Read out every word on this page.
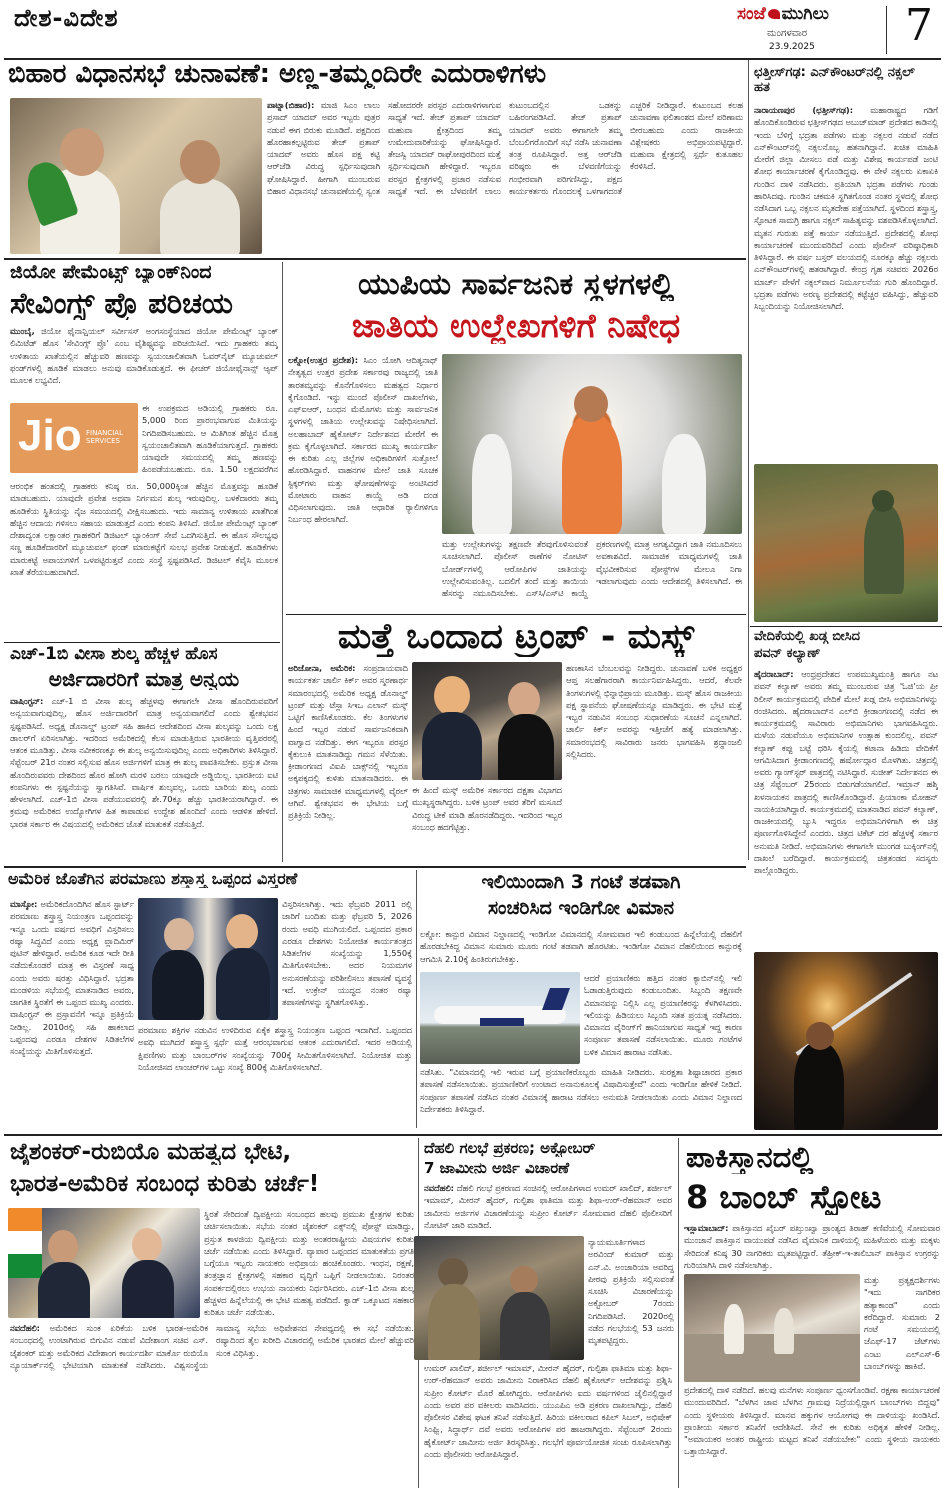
ದೇಶ-ವಿದೇಶ	ಸಂಜೆ ಮುಗಿಲು
ಮಂಗಳವಾರ
23.9.2025 7
ಬಿಹಾರ ವಿಧಾನಸಭೆ ಚುನಾವಣೆ: ಅಣ್ಣ-ತಮ್ಮಂದಿರೇ ಎದುರಾಳಿಗಳು
ಪಾಟ್ನಾ(ಬಿಹಾರ): ಮಾಜಿ ಸಿಎಂ ಲಾಲು ಪ್ರಸಾದ್ ಯಾದವ್ ಅವರ ಇಬ್ಬರು ಪುತ್ರರ ನಡುವೆ ಈಗ ಬಿರುಕು ಮೂಡಿದೆ. ಪಕ್ಷದಿಂದ ಹೊರಹಾಕಲ್ಪಟ್ಟಿರುವ ತೇಜ್ ಪ್ರತಾಪ್ ಯಾದವ್ ಅವರು ಹೊಸ ಪಕ್ಷ ಕಟ್ಟಿ ಆರ್‌ಜೆಡಿ ವಿರುದ್ಧ ಸ್ಪರ್ಧಿಸುವುದಾಗಿ ಘೋಷಿಸಿದ್ದಾರೆ. ಹೀಗಾಗಿ ಮುಂಬರುವ ಬಿಹಾರ ವಿಧಾನಸಭೆ ಚುನಾವಣೆಯಲ್ಲಿ ಸ್ವಂತ ಸಹೋದರರೇ ಪರಸ್ಪರ ಎದುರಾಳಿಗಳಾಗುವ ಸಾಧ್ಯತೆ ಇದೆ. ತೇಜ್ ಪ್ರತಾಪ್ ಯಾದವ್ ಮಹುವಾ ಕ್ಷೇತ್ರದಿಂದ ತಮ್ಮ ಉಮೇದುವಾರಿಕೆಯನ್ನು ಘೋಷಿಸಿದ್ದಾರೆ. ತೇಜಸ್ವಿ ಯಾದವ್ ರಾಘೋಪುರದಿಂದ ಮತ್ತೆ ಸ್ಪರ್ಧಿಸುವುದಾಗಿ ಹೇಳಿದ್ದಾರೆ. ಇಬ್ಬರೂ ಪರಸ್ಪರ ಕ್ಷೇತ್ರಗಳಲ್ಲಿ ಪ್ರಚಾರ ನಡೆಸುವ ಸಾಧ್ಯತೆ ಇದೆ. ಈ ಬೆಳವಣಿಗೆ ಲಾಲು ಕುಟುಂಬದಲ್ಲಿನ ಒಡಕನ್ನು ಬಹಿರಂಗಪಡಿಸಿದೆ. ತೇಜ್ ಪ್ರತಾಪ್ ಯಾದವ್ ಅವರು ಈಗಾಗಲೇ ತಮ್ಮ ಬೆಂಬಲಿಗರೊಂದಿಗೆ ಸಭೆ ನಡೆಸಿ ಚುನಾವಣಾ ತಂತ್ರ ರೂಪಿಸಿದ್ದಾರೆ. ಅತ್ತ ಆರ್‌ಜೆಡಿ ವರಿಷ್ಠರು ಈ ಬೆಳವಣಿಗೆಯನ್ನು ಗಂಭೀರವಾಗಿ ಪರಿಗಣಿಸಿದ್ದು, ಪಕ್ಷದ ಕಾರ್ಯಕರ್ತರು ಗೊಂದಲಕ್ಕೆ ಒಳಗಾಗದಂತೆ ಎಚ್ಚರಿಕೆ ನೀಡಿದ್ದಾರೆ. ಕುಟುಂಬದ ಕಲಹ ಚುನಾವಣಾ ಫಲಿತಾಂಶದ ಮೇಲೆ ಪರಿಣಾಮ ಬೀರಬಹುದು ಎಂದು ರಾಜಕೀಯ ವಿಶ್ಲೇಷಕರು ಅಭಿಪ್ರಾಯಪಟ್ಟಿದ್ದಾರೆ. ಮಹುವಾ ಕ್ಷೇತ್ರದಲ್ಲಿ ಸ್ಪರ್ಧೆ ಕುತೂಹಲ ಕೆರಳಿಸಿದೆ.
ಛತ್ತೀಸ್‌ಗಢ: ಎನ್‌ಕೌಂಟರ್‌ನಲ್ಲಿ ನಕ್ಸಲ್ ಹತ
ನಾರಾಯಣಪುರ (ಛತ್ತೀಸ್‌ಗಢ): ಮಹಾರಾಷ್ಟ್ರದ ಗಡಿಗೆ ಹೊಂದಿಕೊಂಡಿರುವ ಛತ್ತೀಸ್‌ಗಢದ ಅಬುಜ್‌ಮಾಡ್ ಪ್ರದೇಶದ ಕಾಡಿನಲ್ಲಿ ಇಂದು ಬೆಳಿಗ್ಗೆ ಭದ್ರತಾ ಪಡೆಗಳು ಮತ್ತು ನಕ್ಸಲರ ನಡುವೆ ನಡೆದ ಎನ್‌ಕೌಂಟರ್‌ನಲ್ಲಿ ನಕ್ಸಲನೊಬ್ಬ ಹತನಾಗಿದ್ದಾನೆ. ಖಚಿತ ಮಾಹಿತಿ ಮೇರೆಗೆ ಜಿಲ್ಲಾ ಮೀಸಲು ಪಡೆ ಮತ್ತು ವಿಶೇಷ ಕಾರ್ಯಪಡೆ ಜಂಟಿ ಶೋಧ ಕಾರ್ಯಾಚರಣೆ ಕೈಗೊಂಡಿದ್ದವು. ಈ ವೇಳೆ ನಕ್ಸಲರು ಏಕಾಏಕಿ ಗುಂಡಿನ ದಾಳಿ ನಡೆಸಿದರು. ಪ್ರತಿಯಾಗಿ ಭದ್ರತಾ ಪಡೆಗಳು ಗುಂಡು ಹಾರಿಸಿದವು. ಗುಂಡಿನ ಚಕಮಕಿ ಸ್ಥಗಿತಗೊಂಡ ನಂತರ ಸ್ಥಳದಲ್ಲಿ ಶೋಧ ನಡೆಸಿದಾಗ ಒಬ್ಬ ನಕ್ಸಲನ ಮೃತದೇಹ ಪತ್ತೆಯಾಗಿದೆ. ಸ್ಥಳದಿಂದ ಶಸ್ತ್ರಾಸ್ತ್ರ, ಸ್ಫೋಟಕ ಸಾಮಗ್ರಿ ಹಾಗೂ ನಕ್ಸಲ್ ಸಾಹಿತ್ಯವನ್ನು ವಶಪಡಿಸಿಕೊಳ್ಳಲಾಗಿದೆ. ಮೃತನ ಗುರುತು ಪತ್ತೆ ಕಾರ್ಯ ನಡೆಯುತ್ತಿದೆ. ಪ್ರದೇಶದಲ್ಲಿ ಶೋಧ ಕಾರ್ಯಾಚರಣೆ ಮುಂದುವರಿದಿದೆ ಎಂದು ಪೊಲೀಸ್ ವರಿಷ್ಠಾಧಿಕಾರಿ ತಿಳಿಸಿದ್ದಾರೆ. ಈ ವರ್ಷ ಬಸ್ತರ್ ವಲಯದಲ್ಲಿ ನೂರಕ್ಕೂ ಹೆಚ್ಚು ನಕ್ಸಲರು ಎನ್‌ಕೌಂಟರ್‌ಗಳಲ್ಲಿ ಹತರಾಗಿದ್ದಾರೆ. ಕೇಂದ್ರ ಗೃಹ ಸಚಿವರು 2026ರ ಮಾರ್ಚ್ ವೇಳೆಗೆ ನಕ್ಸಲ್‌ವಾದ ನಿರ್ಮೂಲನೆಯ ಗುರಿ ಹೊಂದಿದ್ದಾರೆ. ಭದ್ರತಾ ಪಡೆಗಳು ಅರಣ್ಯ ಪ್ರದೇಶದಲ್ಲಿ ಕಟ್ಟೆಚ್ಚರ ವಹಿಸಿದ್ದು, ಹೆಚ್ಚುವರಿ ಸಿಬ್ಬಂದಿಯನ್ನು ನಿಯೋಜಿಸಲಾಗಿದೆ.
ಜಿಯೋ ಪೇಮೆಂಟ್ಸ್ ಬ್ಯಾಂಕ್‌ನಿಂದ
ಸೇವಿಂಗ್ಸ್ ಪ್ರೊ ಪರಿಚಯ
ಮುಂಬೈ, ಜಿಯೋ ಫೈನಾನ್ಷಿಯಲ್ ಸರ್ವೀಸಸ್ ಅಂಗಸಂಸ್ಥೆಯಾದ ಜಿಯೋ ಪೇಮೆಂಟ್ಸ್ ಬ್ಯಾಂಕ್ ಲಿಮಿಟೆಡ್ ಹೊಸ 'ಸೇವಿಂಗ್ಸ್ ಪ್ರೊ' ಎಂಬ ವೈಶಿಷ್ಟ್ಯವನ್ನು ಪರಿಚಯಿಸಿದೆ. ಇದು ಗ್ರಾಹಕರು ತಮ್ಮ ಉಳಿತಾಯ ಖಾತೆಯಲ್ಲಿನ ಹೆಚ್ಚುವರಿ ಹಣವನ್ನು ಸ್ವಯಂಚಾಲಿತವಾಗಿ ಓವರ್‌ನೈಟ್ ಮ್ಯೂಚುವಲ್ ಫಂಡ್‌ಗಳಲ್ಲಿ ಹೂಡಿಕೆ ಮಾಡಲು ಅನುವು ಮಾಡಿಕೊಡುತ್ತದೆ. ಈ ಫೀಚರ್ ಜಿಯೋಫೈನಾನ್ಸ್ ಆ್ಯಪ್ ಮೂಲಕ ಲಭ್ಯವಿದೆ.
Jio FINANCIAL
SERVICES
ಈ ಉಪಕ್ರಮದ ಅಡಿಯಲ್ಲಿ ಗ್ರಾಹಕರು ರೂ. 5,000 ರಿಂದ ಪ್ರಾರಂಭವಾಗುವ ಮಿತಿಯನ್ನು ನಿಗದಿಪಡಿಸಬಹುದು. ಆ ಮಿತಿಗಿಂತ ಹೆಚ್ಚಿನ ಮೊತ್ತ ಸ್ವಯಂಚಾಲಿತವಾಗಿ ಹೂಡಿಕೆಯಾಗುತ್ತದೆ. ಗ್ರಾಹಕರು ಯಾವುದೇ ಸಮಯದಲ್ಲಿ ತಮ್ಮ ಹಣವನ್ನು ಹಿಂಪಡೆಯಬಹುದು. ರೂ. 1.50 ಲಕ್ಷದವರೆಗಿನ
ಆರಂಭಿಕ ಹಂತದಲ್ಲಿ ಗ್ರಾಹಕರು ಕನಿಷ್ಠ ರೂ. 50,000ಕ್ಕಿಂತ ಹೆಚ್ಚಿನ ಮೊತ್ತವನ್ನು ಹೂಡಿಕೆ ಮಾಡಬಹುದು. ಯಾವುದೇ ಪ್ರವೇಶ ಅಥವಾ ನಿರ್ಗಮನ ಶುಲ್ಕ ಇರುವುದಿಲ್ಲ. ಬಳಕೆದಾರರು ತಮ್ಮ ಹೂಡಿಕೆಯ ಸ್ಥಿತಿಯನ್ನು ನೈಜ ಸಮಯದಲ್ಲಿ ವೀಕ್ಷಿಸಬಹುದು. ಇದು ಸಾಮಾನ್ಯ ಉಳಿತಾಯ ಖಾತೆಗಿಂತ ಹೆಚ್ಚಿನ ಆದಾಯ ಗಳಿಸಲು ಸಹಾಯ ಮಾಡುತ್ತದೆ ಎಂದು ಕಂಪನಿ ತಿಳಿಸಿದೆ. ಜಿಯೋ ಪೇಮೆಂಟ್ಸ್ ಬ್ಯಾಂಕ್ ದೇಶಾದ್ಯಂತ ಲಕ್ಷಾಂತರ ಗ್ರಾಹಕರಿಗೆ ಡಿಜಿಟಲ್ ಬ್ಯಾಂಕಿಂಗ್ ಸೇವೆ ಒದಗಿಸುತ್ತಿದೆ. ಈ ಹೊಸ ಸೌಲಭ್ಯವು ಸಣ್ಣ ಹೂಡಿಕೆದಾರರಿಗೆ ಮ್ಯೂಚುವಲ್ ಫಂಡ್ ಮಾರುಕಟ್ಟೆಗೆ ಸುಲಭ ಪ್ರವೇಶ ನೀಡುತ್ತದೆ. ಹೂಡಿಕೆಗಳು ಮಾರುಕಟ್ಟೆ ಅಪಾಯಗಳಿಗೆ ಒಳಪಟ್ಟಿರುತ್ತವೆ ಎಂದು ಸಂಸ್ಥೆ ಸ್ಪಷ್ಟಪಡಿಸಿದೆ. ಡಿಜಿಟಲ್ ಕೆವೈಸಿ ಮೂಲಕ ಖಾತೆ ತೆರೆಯಬಹುದಾಗಿದೆ.
ಎಚ್-1ಬಿ ವೀಸಾ ಶುಲ್ಕ ಹೆಚ್ಚಳ ಹೊಸ
ಅರ್ಜಿದಾರರಿಗೆ ಮಾತ್ರ ಅನ್ವಯ
ವಾಷಿಂಗ್ಟನ್: ಎಚ್-1 ಬಿ ವೀಸಾ ಶುಲ್ಕ ಹೆಚ್ಚಳವು ಈಗಾಗಲೇ ವೀಸಾ ಹೊಂದಿರುವವರಿಗೆ ಅನ್ವಯವಾಗುವುದಿಲ್ಲ, ಹೊಸ ಅರ್ಜಿದಾರರಿಗೆ ಮಾತ್ರ ಅನ್ವಯವಾಗಲಿದೆ ಎಂದು ಶ್ವೇತಭವನ ಸ್ಪಷ್ಟಪಡಿಸಿದೆ. ಅಧ್ಯಕ್ಷ ಡೊನಾಲ್ಡ್ ಟ್ರಂಪ್ ಸಹಿ ಹಾಕಿದ ಆದೇಶದಿಂದ ವೀಸಾ ಶುಲ್ಕವನ್ನು ಒಂದು ಲಕ್ಷ ಡಾಲರ್‌ಗೆ ಏರಿಸಲಾಗಿತ್ತು. ಇದರಿಂದ ಅಮೆರಿಕದಲ್ಲಿ ಕೆಲಸ ಮಾಡುತ್ತಿರುವ ಭಾರತೀಯ ವೃತ್ತಿಪರರಲ್ಲಿ ಆತಂಕ ಮೂಡಿತ್ತು. ವೀಸಾ ನವೀಕರಣಕ್ಕೂ ಈ ಶುಲ್ಕ ಅನ್ವಯಿಸುವುದಿಲ್ಲ ಎಂದು ಅಧಿಕಾರಿಗಳು ತಿಳಿಸಿದ್ದಾರೆ. ಸೆಪ್ಟೆಂಬರ್ 21ರ ನಂತರ ಸಲ್ಲಿಸುವ ಹೊಸ ಅರ್ಜಿಗಳಿಗೆ ಮಾತ್ರ ಈ ಶುಲ್ಕ ಪಾವತಿಸಬೇಕು. ಪ್ರಸ್ತುತ ವೀಸಾ ಹೊಂದಿರುವವರು ದೇಶದಿಂದ ಹೊರ ಹೋಗಿ ಮರಳಿ ಬರಲು ಯಾವುದೇ ಅಡ್ಡಿಯಿಲ್ಲ. ಭಾರತೀಯ ಐಟಿ ಕಂಪನಿಗಳು ಈ ಸ್ಪಷ್ಟನೆಯನ್ನು ಸ್ವಾಗತಿಸಿವೆ. ವಾರ್ಷಿಕ ಶುಲ್ಕವಲ್ಲ, ಒಂದು ಬಾರಿಯ ಶುಲ್ಕ ಎಂದು ಹೇಳಲಾಗಿದೆ. ಎಚ್-1ಬಿ ವೀಸಾ ಪಡೆಯುವವರಲ್ಲಿ ಶೇ.70ಕ್ಕೂ ಹೆಚ್ಚು ಭಾರತೀಯರಾಗಿದ್ದಾರೆ. ಈ ಕ್ರಮವು ಅಮೆರಿಕದ ಉದ್ಯೋಗಿಗಳ ಹಿತ ಕಾಪಾಡುವ ಉದ್ದೇಶ ಹೊಂದಿದೆ ಎಂದು ಆಡಳಿತ ಹೇಳಿದೆ. ಭಾರತ ಸರ್ಕಾರ ಈ ವಿಷಯದಲ್ಲಿ ಅಮೆರಿಕದ ಜೊತೆ ಮಾತುಕತೆ ನಡೆಸುತ್ತಿದೆ.
ಯುಪಿಯ ಸಾರ್ವಜನಿಕ ಸ್ಥಳಗಳಲ್ಲಿ
ಜಾತಿಯ ಉಲ್ಲೇಖಗಳಿಗೆ ನಿಷೇಧ
ಲಕ್ನೋ(ಉತ್ತರ ಪ್ರದೇಶ): ಸಿಎಂ ಯೋಗಿ ಆದಿತ್ಯನಾಥ್ ನೇತೃತ್ವದ ಉತ್ತರ ಪ್ರದೇಶ ಸರ್ಕಾರವು ರಾಜ್ಯದಲ್ಲಿ ಜಾತಿ ತಾರತಮ್ಯವನ್ನು ಕೊನೆಗೊಳಿಸಲು ಮಹತ್ವದ ನಿರ್ಧಾರ ಕೈಗೊಂಡಿದೆ. ಇನ್ನು ಮುಂದೆ ಪೊಲೀಸ್ ದಾಖಲೆಗಳು, ಎಫ್‌ಐಆರ್, ಬಂಧನ ಮೆಮೊಗಳು ಮತ್ತು ಸಾರ್ವಜನಿಕ ಸ್ಥಳಗಳಲ್ಲಿ ಜಾತಿಯ ಉಲ್ಲೇಖವನ್ನು ನಿಷೇಧಿಸಲಾಗಿದೆ. ಅಲಹಾಬಾದ್ ಹೈಕೋರ್ಟ್ ನಿರ್ದೇಶನದ ಮೇರೆಗೆ ಈ ಕ್ರಮ ಕೈಗೊಳ್ಳಲಾಗಿದೆ. ಸರ್ಕಾರದ ಮುಖ್ಯ ಕಾರ್ಯದರ್ಶಿ ಈ ಕುರಿತು ಎಲ್ಲ ಜಿಲ್ಲೆಗಳ ಅಧಿಕಾರಿಗಳಿಗೆ ಸುತ್ತೋಲೆ ಹೊರಡಿಸಿದ್ದಾರೆ. ವಾಹನಗಳ ಮೇಲೆ ಜಾತಿ ಸೂಚಕ ಸ್ಟಿಕ್ಕರ್‌ಗಳು ಮತ್ತು ಘೋಷಣೆಗಳನ್ನು ಅಂಟಿಸಿದರೆ ಮೋಟಾರು ವಾಹನ ಕಾಯ್ದೆ ಅಡಿ ದಂಡ ವಿಧಿಸಲಾಗುವುದು. ಜಾತಿ ಆಧಾರಿತ ರ್‍ಯಾಲಿಗಳಿಗೂ ನಿರ್ಬಂಧ ಹೇರಲಾಗಿದೆ.
ಮತ್ತು ಉಲ್ಲೇಖಗಳನ್ನು ತಕ್ಷಣವೇ ತೆರವುಗೊಳಿಸುವಂತೆ ಸೂಚಿಸಲಾಗಿದೆ. ಪೊಲೀಸ್ ಠಾಣೆಗಳ ನೋಟಿಸ್ ಬೋರ್ಡ್‌ಗಳಲ್ಲಿ ಆರೋಪಿಗಳ ಜಾತಿಯನ್ನು ಉಲ್ಲೇಖಿಸುವಂತಿಲ್ಲ. ಬದಲಿಗೆ ತಂದೆ ಮತ್ತು ತಾಯಿಯ ಹೆಸರನ್ನು ನಮೂದಿಸಬೇಕು. ಎಸ್‌ಸಿ/ಎಸ್‌ಟಿ ಕಾಯ್ದೆ ಪ್ರಕರಣಗಳಲ್ಲಿ ಮಾತ್ರ ಅಗತ್ಯವಿದ್ದಾಗ ಜಾತಿ ನಮೂದಿಸಲು ಅವಕಾಶವಿದೆ. ಸಾಮಾಜಿಕ ಮಾಧ್ಯಮಗಳಲ್ಲಿ ಜಾತಿ ವೈಭವೀಕರಿಸುವ ಪೋಸ್ಟ್‌ಗಳ ಮೇಲೂ ನಿಗಾ ಇಡಲಾಗುವುದು ಎಂದು ಆದೇಶದಲ್ಲಿ ತಿಳಿಸಲಾಗಿದೆ. ಈ
ಮತ್ತೆ ಒಂದಾದ ಟ್ರಂಪ್ - ಮಸ್ಕ್
ಅರಿಜೋನಾ, ಅಮೆರಿಕ: ಸಂಪ್ರದಾಯವಾದಿ ಕಾರ್ಯಕರ್ತ ಚಾರ್ಲಿ ಕಿರ್ಕ್ ಅವರ ಸ್ಮರಣಾರ್ಥ ಸಮಾರಂಭದಲ್ಲಿ ಅಮೆರಿಕ ಅಧ್ಯಕ್ಷ ಡೊನಾಲ್ಡ್ ಟ್ರಂಪ್ ಮತ್ತು ಟೆಸ್ಲಾ ಸಿಇಒ ಎಲಾನ್ ಮಸ್ಕ್ ಒಟ್ಟಿಗೆ ಕಾಣಿಸಿಕೊಂಡರು. ಕೆಲ ತಿಂಗಳುಗಳ ಹಿಂದೆ ಇಬ್ಬರ ನಡುವೆ ಸಾರ್ವಜನಿಕವಾಗಿ ವಾಗ್ವಾದ ನಡೆದಿತ್ತು. ಈಗ ಇಬ್ಬರೂ ಪರಸ್ಪರ ಕೈಕುಲುಕಿ ಮಾತನಾಡಿದ್ದು ಗಮನ ಸೆಳೆಯಿತು. ಕ್ರೀಡಾಂಗಣದ ವಿಐಪಿ ಬಾಕ್ಸ್‌ನಲ್ಲಿ ಇಬ್ಬರೂ ಅಕ್ಕಪಕ್ಕದಲ್ಲಿ ಕುಳಿತು ಮಾತನಾಡಿದರು. ಈ ಚಿತ್ರಗಳು ಸಾಮಾಜಿಕ ಮಾಧ್ಯಮಗಳಲ್ಲಿ ವೈರಲ್ ಆಗಿವೆ. ಶ್ವೇತಭವನ ಈ ಭೇಟಿಯ ಬಗ್ಗೆ ಪ್ರತಿಕ್ರಿಯೆ ನೀಡಿಲ್ಲ.
ಈ ಹಿಂದೆ ಮಸ್ಕ್ ಅಮೆರಿಕ ಸರ್ಕಾರದ ದಕ್ಷತಾ ವಿಭಾಗದ ಮುಖ್ಯಸ್ಥರಾಗಿದ್ದರು. ಬಳಿಕ ಟ್ರಂಪ್ ಅವರ ತೆರಿಗೆ ಮಸೂದೆ ವಿರುದ್ಧ ಟೀಕೆ ಮಾಡಿ ಹೊರನಡೆದಿದ್ದರು. ಇದರಿಂದ ಇಬ್ಬರ ಸಂಬಂಧ ಹದಗೆಟ್ಟಿತ್ತು.
ಹಣಕಾಸಿನ ಬೆಂಬಲವನ್ನು ನೀಡಿದ್ದರು. ಚುನಾವಣೆ ಬಳಿಕ ಅಧ್ಯಕ್ಷರ ಆಪ್ತ ಸಲಹೆಗಾರರಾಗಿ ಕಾರ್ಯನಿರ್ವಹಿಸಿದ್ದರು. ಆದರೆ, ಕೆಲವೇ ತಿಂಗಳುಗಳಲ್ಲಿ ಭಿನ್ನಾಭಿಪ್ರಾಯ ಮೂಡಿತ್ತು. ಮಸ್ಕ್ ಹೊಸ ರಾಜಕೀಯ ಪಕ್ಷ ಸ್ಥಾಪನೆಯ ಘೋಷಣೆಯನ್ನೂ ಮಾಡಿದ್ದರು. ಈ ಭೇಟಿ ಮತ್ತೆ ಇಬ್ಬರ ನಡುವಿನ ಸಂಬಂಧ ಸುಧಾರಣೆಯ ಸೂಚನೆ ಎನ್ನಲಾಗಿದೆ. ಚಾರ್ಲಿ ಕಿರ್ಕ್ ಅವರನ್ನು ಇತ್ತೀಚೆಗೆ ಹತ್ಯೆ ಮಾಡಲಾಗಿತ್ತು. ಸಮಾರಂಭದಲ್ಲಿ ಸಾವಿರಾರು ಜನರು ಭಾಗವಹಿಸಿ ಶ್ರದ್ಧಾಂಜಲಿ ಸಲ್ಲಿಸಿದರು.
ವೇದಿಕೆಯಲ್ಲಿ ಖಡ್ಗ ಬೀಸಿದ
ಪವನ್ ಕಲ್ಯಾಣ್
ಹೈದರಾಬಾದ್: ಆಂಧ್ರಪ್ರದೇಶದ ಉಪಮುಖ್ಯಮಂತ್ರಿ ಹಾಗೂ ನಟ ಪವನ್ ಕಲ್ಯಾಣ್ ಅವರು ತಮ್ಮ ಮುಂಬರುವ ಚಿತ್ರ 'ಓಜಿ'ಯ ಪ್ರೀ ರಿಲೀಸ್ ಕಾರ್ಯಕ್ರಮದಲ್ಲಿ ವೇದಿಕೆ ಮೇಲೆ ಖಡ್ಗ ಬೀಸಿ ಅಭಿಮಾನಿಗಳನ್ನು ರಂಜಿಸಿದರು. ಹೈದರಾಬಾದ್‌ನ ಎಲ್‌ಬಿ ಕ್ರೀಡಾಂಗಣದಲ್ಲಿ ನಡೆದ ಈ ಕಾರ್ಯಕ್ರಮದಲ್ಲಿ ಸಾವಿರಾರು ಅಭಿಮಾನಿಗಳು ಭಾಗವಹಿಸಿದ್ದರು. ಮಳೆಯ ನಡುವೆಯೂ ಅಭಿಮಾನಿಗಳ ಉತ್ಸಾಹ ಕುಂದಲಿಲ್ಲ. ಪವನ್ ಕಲ್ಯಾಣ್ ಕಪ್ಪು ಬಟ್ಟೆ ಧರಿಸಿ ಕೈಯಲ್ಲಿ ಕಟಾನಾ ಹಿಡಿದು ವೇದಿಕೆಗೆ ಆಗಮಿಸಿದಾಗ ಕ್ರೀಡಾಂಗಣದಲ್ಲಿ ಹರ್ಷೋದ್ಗಾರ ಮೊಳಗಿತು. ಚಿತ್ರದಲ್ಲಿ ಅವರು ಗ್ಯಾಂಗ್‌ಸ್ಟರ್ ಪಾತ್ರದಲ್ಲಿ ನಟಿಸಿದ್ದಾರೆ. ಸುಜೀತ್ ನಿರ್ದೇಶನದ ಈ ಚಿತ್ರ ಸೆಪ್ಟೆಂಬರ್ 25ರಂದು ಬಿಡುಗಡೆಯಾಗಲಿದೆ. ಇಮ್ರಾನ್ ಹಶ್ಮಿ ಖಳನಾಯಕನ ಪಾತ್ರದಲ್ಲಿ ಕಾಣಿಸಿಕೊಂಡಿದ್ದಾರೆ. ಪ್ರಿಯಾಂಕಾ ಮೋಹನ್ ನಾಯಕಿಯಾಗಿದ್ದಾರೆ. ಕಾರ್ಯಕ್ರಮದಲ್ಲಿ ಮಾತನಾಡಿದ ಪವನ್ ಕಲ್ಯಾಣ್, ರಾಜಕೀಯದಲ್ಲಿ ಬ್ಯುಸಿ ಇದ್ದರೂ ಅಭಿಮಾನಿಗಳಿಗಾಗಿ ಈ ಚಿತ್ರ ಪೂರ್ಣಗೊಳಿಸಿದ್ದೇನೆ ಎಂದರು. ಚಿತ್ರದ ಟಿಕೆಟ್ ದರ ಹೆಚ್ಚಳಕ್ಕೆ ಸರ್ಕಾರ ಅನುಮತಿ ನೀಡಿದೆ. ಅಭಿಮಾನಿಗಳು ಈಗಾಗಲೇ ಮುಂಗಡ ಬುಕ್ಕಿಂಗ್‌ನಲ್ಲಿ ದಾಖಲೆ ಬರೆದಿದ್ದಾರೆ. ಕಾರ್ಯಕ್ರಮದಲ್ಲಿ ಚಿತ್ರತಂಡದ ಸದಸ್ಯರು ಪಾಲ್ಗೊಂಡಿದ್ದರು.
ಅಮೆರಿಕ ಜೊತೆಗಿನ ಪರಮಾಣು ಶಸ್ತ್ರಾಸ್ತ್ರ ಒಪ್ಪಂದ ವಿಸ್ತರಣೆ
ಮಾಸ್ಕೋ: ಅಮೆರಿಕದೊಂದಿಗಿನ ಹೊಸ ಸ್ಟಾರ್ಟ್ ಪರಮಾಣು ಶಸ್ತ್ರಾಸ್ತ್ರ ನಿಯಂತ್ರಣ ಒಪ್ಪಂದವನ್ನು ಇನ್ನೂ ಒಂದು ವರ್ಷದ ಅವಧಿಗೆ ವಿಸ್ತರಿಸಲು ರಷ್ಯಾ ಸಿದ್ಧವಿದೆ ಎಂದು ಅಧ್ಯಕ್ಷ ವ್ಲಾದಿಮಿರ್ ಪುಟಿನ್ ಹೇಳಿದ್ದಾರೆ. ಅಮೆರಿಕ ಕೂಡ ಇದೇ ರೀತಿ ನಡೆದುಕೊಂಡರೆ ಮಾತ್ರ ಈ ವಿಸ್ತರಣೆ ಸಾಧ್ಯ ಎಂದು ಅವರು ಷರತ್ತು ವಿಧಿಸಿದ್ದಾರೆ. ಭದ್ರತಾ ಮಂಡಳಿಯ ಸಭೆಯಲ್ಲಿ ಮಾತನಾಡಿದ ಅವರು, ಜಾಗತಿಕ ಸ್ಥಿರತೆಗೆ ಈ ಒಪ್ಪಂದ ಮುಖ್ಯ ಎಂದರು. ವಾಷಿಂಗ್ಟನ್ ಈ ಪ್ರಸ್ತಾವನೆಗೆ ಇನ್ನೂ ಪ್ರತಿಕ್ರಿಯೆ ನೀಡಿಲ್ಲ. 2010ರಲ್ಲಿ ಸಹಿ ಹಾಕಲಾದ ಒಪ್ಪಂದವು ಎರಡೂ ದೇಶಗಳ ಸಿಡಿತಲೆಗಳ ಸಂಖ್ಯೆಯನ್ನು ಮಿತಿಗೊಳಿಸುತ್ತದೆ.
ವಿಸ್ತರಿಸಲಾಗಿತ್ತು. ಇದು ಫೆಬ್ರವರಿ 2011 ರಲ್ಲಿ ಜಾರಿಗೆ ಬಂದಿತು ಮತ್ತು ಫೆಬ್ರವರಿ 5, 2026 ರಂದು ಅವಧಿ ಮುಗಿಯಲಿದೆ. ಒಪ್ಪಂದದ ಪ್ರಕಾರ ಎರಡೂ ದೇಶಗಳು ನಿಯೋಜಿತ ಕಾರ್ಯತಂತ್ರದ ಸಿಡಿತಲೆಗಳ ಸಂಖ್ಯೆಯನ್ನು 1,550ಕ್ಕೆ ಮಿತಿಗೊಳಿಸಬೇಕು. ಅದರ ನಿಯಮಗಳ ಅನುಸರಣೆಯನ್ನು ಪರಿಶೀಲಿಸಲು ತಪಾಸಣೆ ವ್ಯವಸ್ಥೆ ಇದೆ. ಉಕ್ರೇನ್ ಯುದ್ಧದ ನಂತರ ರಷ್ಯಾ ತಪಾಸಣೆಗಳನ್ನು ಸ್ಥಗಿತಗೊಳಿಸಿತ್ತು.
ಪರಮಾಣು ಶಕ್ತಿಗಳ ನಡುವಿನ ಉಳಿದಿರುವ ಏಕೈಕ ಶಸ್ತ್ರಾಸ್ತ್ರ ನಿಯಂತ್ರಣ ಒಪ್ಪಂದ ಇದಾಗಿದೆ. ಒಪ್ಪಂದದ ಅವಧಿ ಮುಗಿದರೆ ಶಸ್ತ್ರಾಸ್ತ್ರ ಸ್ಪರ್ಧೆ ಮತ್ತೆ ಆರಂಭವಾಗುವ ಆತಂಕ ಎದುರಾಗಲಿದೆ. ಇದರ ಅಡಿಯಲ್ಲಿ ಕ್ಷಿಪಣಿಗಳು ಮತ್ತು ಬಾಂಬರ್‌ಗಳ ಸಂಖ್ಯೆಯನ್ನು 700ಕ್ಕೆ ಸೀಮಿತಗೊಳಿಸಲಾಗಿದೆ. ನಿಯೋಜಿತ ಮತ್ತು ನಿಯೋಜಿಸದ ಲಾಂಚರ್‌ಗಳ ಒಟ್ಟು ಸಂಖ್ಯೆ 800ಕ್ಕೆ ಮಿತಿಗೊಳಿಸಲಾಗಿದೆ.
ಇಲಿಯಿಂದಾಗಿ 3 ಗಂಟೆ ತಡವಾಗಿ
ಸಂಚರಿಸಿದ ಇಂಡಿಗೋ ವಿಮಾನ
ಲಕ್ನೋ: ಕಾನ್ಪುರ ವಿಮಾನ ನಿಲ್ದಾಣದಲ್ಲಿ ಇಂಡಿಗೋ ವಿಮಾನದಲ್ಲಿ ಸೋಮವಾರ ಇಲಿ ಕಂಡುಬಂದ ಹಿನ್ನೆಲೆಯಲ್ಲಿ ದೆಹಲಿಗೆ ಹೊರಡಬೇಕಿದ್ದ ವಿಮಾನ ಸುಮಾರು ಮೂರು ಗಂಟೆ ತಡವಾಗಿ ಹೊರಟಿತು. ಇಂಡಿಗೋ ವಿಮಾನ ದೆಹಲಿಯಿಂದ ಕಾನ್ಪುರಕ್ಕೆ ಆಗಮಿಸಿ 2.10ಕ್ಕೆ ಹಿಂತಿರುಗಬೇಕಿತ್ತು.
ಆದರೆ ಪ್ರಯಾಣಿಕರು ಹತ್ತಿದ ನಂತರ ಕ್ಯಾಬಿನ್‌ನಲ್ಲಿ ಇಲಿ ಓಡಾಡುತ್ತಿರುವುದು ಕಂಡುಬಂದಿತು. ಸಿಬ್ಬಂದಿ ತಕ್ಷಣವೇ ವಿಮಾನವನ್ನು ನಿಲ್ಲಿಸಿ ಎಲ್ಲ ಪ್ರಯಾಣಿಕರನ್ನು ಕೆಳಗಿಳಿಸಿದರು. ಇಲಿಯನ್ನು ಹಿಡಿಯಲು ಸಿಬ್ಬಂದಿ ಸತತ ಪ್ರಯತ್ನ ನಡೆಸಿದರು. ವಿಮಾನದ ವೈರಿಂಗ್‌ಗೆ ಹಾನಿಯಾಗುವ ಸಾಧ್ಯತೆ ಇದ್ದ ಕಾರಣ ಸಂಪೂರ್ಣ ತಪಾಸಣೆ ನಡೆಸಲಾಯಿತು. ಮೂರು ಗಂಟೆಗಳ ಬಳಿಕ ವಿಮಾನ ಹಾರಾಟ ನಡೆಸಿತು.
ನಡೆಸಿತು. "ವಿಮಾನದಲ್ಲಿ ಇಲಿ ಇರುವ ಬಗ್ಗೆ ಪ್ರಯಾಣಿಕರೊಬ್ಬರು ಮಾಹಿತಿ ನೀಡಿದರು. ಸುರಕ್ಷತಾ ಶಿಷ್ಟಾಚಾರದ ಪ್ರಕಾರ ತಪಾಸಣೆ ನಡೆಸಲಾಯಿತು. ಪ್ರಯಾಣಿಕರಿಗೆ ಉಂಟಾದ ಅನಾನುಕೂಲಕ್ಕೆ ವಿಷಾದಿಸುತ್ತೇವೆ" ಎಂದು ಇಂಡಿಗೋ ಹೇಳಿಕೆ ನೀಡಿದೆ. ಸಂಪೂರ್ಣ ತಪಾಸಣೆ ನಡೆಸಿದ ನಂತರ ವಿಮಾನಕ್ಕೆ ಹಾರಾಟ ನಡೆಸಲು ಅನುಮತಿ ನೀಡಲಾಯಿತು ಎಂದು ವಿಮಾನ ನಿಲ್ದಾಣದ ನಿರ್ದೇಶಕರು ತಿಳಿಸಿದ್ದಾರೆ.
ಜೈಶಂಕರ್-ರುಬಿಯೊ ಮಹತ್ವದ ಭೇಟಿ,
ಭಾರತ-ಅಮೆರಿಕ ಸಂಬಂಧ ಕುರಿತು ಚರ್ಚೆ!
ಸ್ಥಿರತೆ ಸೇರಿದಂತೆ ದ್ವಿಪಕ್ಷೀಯ ಸಂಬಂಧದ ಹಲವು ಪ್ರಮುಖ ಕ್ಷೇತ್ರಗಳ ಕುರಿತು ಚರ್ಚಿಸಲಾಯಿತು. ಸಭೆಯ ನಂತರ ಜೈಶಂಕರ್ ಎಕ್ಸ್‌ನಲ್ಲಿ ಪೋಸ್ಟ್ ಮಾಡಿದ್ದು, ಪ್ರಸ್ತುತ ಕಾಳಜಿಯ ದ್ವಿಪಕ್ಷೀಯ ಮತ್ತು ಅಂತರರಾಷ್ಟ್ರೀಯ ವಿಷಯಗಳ ಕುರಿತು ಚರ್ಚೆ ನಡೆಯಿತು ಎಂದು ತಿಳಿಸಿದ್ದಾರೆ. ವ್ಯಾಪಾರ ಒಪ್ಪಂದದ ಮಾತುಕತೆಯ ಪ್ರಗತಿ ಬಗ್ಗೆಯೂ ಇಬ್ಬರು ನಾಯಕರು ಅಭಿಪ್ರಾಯ ಹಂಚಿಕೊಂಡರು. ಇಂಧನ, ರಕ್ಷಣೆ, ತಂತ್ರಜ್ಞಾನ ಕ್ಷೇತ್ರಗಳಲ್ಲಿ ಸಹಕಾರ ವೃದ್ಧಿಗೆ ಒಪ್ಪಿಗೆ ನೀಡಲಾಯಿತು. ನಿರಂತರ ಸಂಪರ್ಕದಲ್ಲಿರಲು ಉಭಯ ನಾಯಕರು ನಿರ್ಧರಿಸಿದರು. ಎಚ್-1ಬಿ ವೀಸಾ ಶುಲ್ಕ ಹೆಚ್ಚಳದ ಹಿನ್ನೆಲೆಯಲ್ಲಿ ಈ ಭೇಟಿ ಮಹತ್ವ ಪಡೆದಿದೆ. ಕ್ವಾಡ್ ಒಕ್ಕೂಟದ ಸಹಕಾರ ಕುರಿತೂ ಚರ್ಚೆ ನಡೆಯಿತು.
ನವದೆಹಲಿ: ಅಮೆರಿಕದ ಸುಂಕ ಏರಿಕೆಯ ಬಳಿಕ ಭಾರತ-ಅಮೆರಿಕ ಸಂಬಂಧದಲ್ಲಿ ಉಂಟಾಗಿರುವ ಬಿಗುವಿನ ನಡುವೆ ವಿದೇಶಾಂಗ ಸಚಿವ ಎಸ್. ಜೈಶಂಕರ್ ಮತ್ತು ಅಮೆರಿಕದ ವಿದೇಶಾಂಗ ಕಾರ್ಯದರ್ಶಿ ಮಾರ್ಕೊ ರುಬಿಯೊ ನ್ಯೂಯಾರ್ಕ್‌ನಲ್ಲಿ ಭೇಟಿಯಾಗಿ ಮಾತುಕತೆ ನಡೆಸಿದರು. ವಿಶ್ವಸಂಸ್ಥೆಯ ಸಾಮಾನ್ಯ ಸಭೆಯ ಅಧಿವೇಶನದ ನೇಪಥ್ಯದಲ್ಲಿ ಈ ಸಭೆ ನಡೆಯಿತು. ರಷ್ಯಾದಿಂದ ತೈಲ ಖರೀದಿ ವಿಚಾರದಲ್ಲಿ ಅಮೆರಿಕ ಭಾರತದ ಮೇಲೆ ಹೆಚ್ಚುವರಿ ಸುಂಕ ವಿಧಿಸಿತ್ತು.
ದೆಹಲಿ ಗಲಭೆ ಪ್ರಕರಣ; ಅಕ್ಟೋಬರ್
7 ಜಾಮೀನು ಅರ್ಜಿ ವಿಚಾರಣೆ
ನವದೆಹಲಿ: ದೆಹಲಿ ಗಲಭೆ ಪ್ರಕರಣದ ಸಂಚಿನಲ್ಲಿ ಆರೋಪಿಗಳಾದ ಉಮರ್ ಖಾಲಿದ್, ಶರ್ಜೀಲ್ ಇಮಾಮ್, ಮೀರನ್ ಹೈದರ್, ಗುಲ್ಫಿಶಾ ಫಾತಿಮಾ ಮತ್ತು ಶಿಫಾ-ಉರ್-ರೆಹಮಾನ್ ಅವರ ಜಾಮೀನು ಅರ್ಜಿಗಳ ವಿಚಾರಣೆಯನ್ನು ಸುಪ್ರೀಂ ಕೋರ್ಟ್ ಸೋಮವಾರ ದೆಹಲಿ ಪೊಲೀಸರಿಗೆ ನೋಟಿಸ್ ಜಾರಿ ಮಾಡಿದೆ.
ನ್ಯಾಯಮೂರ್ತಿಗಳಾದ ಅರವಿಂದ್ ಕುಮಾರ್ ಮತ್ತು ಎನ್.ವಿ. ಅಂಜಾರಿಯಾ ಅವರಿದ್ದ ಪೀಠವು ಪ್ರತಿಕ್ರಿಯೆ ಸಲ್ಲಿಸುವಂತೆ ಸೂಚಿಸಿ ವಿಚಾರಣೆಯನ್ನು ಅಕ್ಟೋಬರ್ 7ರಂದು ನಿಗದಿಪಡಿಸಿದೆ. 2020ರಲ್ಲಿ ನಡೆದ ಗಲಭೆಯಲ್ಲಿ 53 ಜನರು ಮೃತಪಟ್ಟಿದ್ದರು.
ಉಮರ್ ಖಾಲಿದ್, ಶರ್ಜೀಲ್ ಇಮಾಮ್, ಮೀರನ್ ಹೈದರ್, ಗುಲ್ಫಿಶಾ ಫಾತಿಮಾ ಮತ್ತು ಶಿಫಾ-ಉರ್-ರೆಹಮಾನ್ ಅವರು ಜಾಮೀನು ನಿರಾಕರಿಸಿದ ದೆಹಲಿ ಹೈಕೋರ್ಟ್ ಆದೇಶವನ್ನು ಪ್ರಶ್ನಿಸಿ ಸುಪ್ರೀಂ ಕೋರ್ಟ್ ಮೊರೆ ಹೋಗಿದ್ದರು. ಆರೋಪಿಗಳು ಐದು ವರ್ಷಗಳಿಂದ ಜೈಲಿನಲ್ಲಿದ್ದಾರೆ ಎಂದು ಅವರ ಪರ ವಕೀಲರು ವಾದಿಸಿದರು. ಯುಎಪಿಎ ಅಡಿ ಪ್ರಕರಣ ದಾಖಲಾಗಿದ್ದು, ದೆಹಲಿ ಪೊಲೀಸರ ವಿಶೇಷ ಘಟಕ ತನಿಖೆ ನಡೆಸುತ್ತಿದೆ. ಹಿರಿಯ ವಕೀಲರಾದ ಕಪಿಲ್ ಸಿಬಲ್, ಅಭಿಷೇಕ್ ಸಿಂಘ್ವಿ, ಸಿದ್ಧಾರ್ಥ್ ದವೆ ಅವರು ಆರೋಪಿಗಳ ಪರ ಹಾಜರಾಗಿದ್ದರು. ಸೆಪ್ಟೆಂಬರ್ 2ರಂದು ಹೈಕೋರ್ಟ್ ಜಾಮೀನು ಅರ್ಜಿ ತಿರಸ್ಕರಿಸಿತ್ತು. ಗಲಭೆಗೆ ಪೂರ್ವಯೋಜಿತ ಸಂಚು ರೂಪಿಸಲಾಗಿತ್ತು ಎಂದು ಪೊಲೀಸರು ಆರೋಪಿಸಿದ್ದಾರೆ.
ಪಾಕಿಸ್ತಾನದಲ್ಲಿ
8 ಬಾಂಬ್ ಸ್ಫೋಟ
ಇಸ್ಲಾಮಾಬಾದ್: ಪಾಕಿಸ್ತಾನದ ಖೈಬರ್ ಪಖ್ತುಂಖ್ವಾ ಪ್ರಾಂತ್ಯದ ತಿರಾಹ್ ಕಣಿವೆಯಲ್ಲಿ ಸೋಮವಾರ ಮುಂಜಾನೆ ಪಾಕಿಸ್ತಾನ ವಾಯುಪಡೆ ನಡೆಸಿದ ವೈಮಾನಿಕ ದಾಳಿಯಲ್ಲಿ ಮಹಿಳೆಯರು ಮತ್ತು ಮಕ್ಕಳು ಸೇರಿದಂತೆ ಕನಿಷ್ಠ 30 ನಾಗರಿಕರು ಮೃತಪಟ್ಟಿದ್ದಾರೆ. ತೆಹ್ರೀಕ್-ಇ-ತಾಲಿಬಾನ್ ಪಾಕಿಸ್ತಾನ ಉಗ್ರರನ್ನು ಗುರಿಯಾಗಿಸಿ ದಾಳಿ ನಡೆಸಲಾಗಿತ್ತು.
ಮತ್ತು ಪ್ರತ್ಯಕ್ಷದರ್ಶಿಗಳು "ಇದು ನಾಗರಿಕರ ಹತ್ಯಾಕಾಂಡ" ಎಂದು ಕರೆದಿದ್ದಾರೆ. ಸುಮಾರು 2 ಗಂಟೆ ಸಮಯದಲ್ಲಿ ಜೆಎಫ್-17 ಜೆಟ್‌ಗಳು ಎಂಟು ಎಲ್‌ಎಸ್-6 ಬಾಂಬ್‌ಗಳನ್ನು ಹಾಕಿವೆ.
ಪ್ರದೇಶದಲ್ಲಿ ದಾಳಿ ನಡೆದಿದೆ. ಹಲವು ಮನೆಗಳು ಸಂಪೂರ್ಣ ಧ್ವಂಸಗೊಂಡಿವೆ. ರಕ್ಷಣಾ ಕಾರ್ಯಾಚರಣೆ ಮುಂದುವರಿದಿದೆ. "ಬೆಳಗಿನ ಜಾವ ಬೆಳಗಿನ ಗ್ರಾಮವು ನಿದ್ರೆಯಲ್ಲಿದ್ದಾಗ ಬಾಂಬ್‌ಗಳು ಬಿದ್ದವು" ಎಂದು ಸ್ಥಳೀಯರು ತಿಳಿಸಿದ್ದಾರೆ. ಮಾನವ ಹಕ್ಕುಗಳ ಆಯೋಗವು ಈ ದಾಳಿಯನ್ನು ಖಂಡಿಸಿದೆ. ಪ್ರಾಂತೀಯ ಸರ್ಕಾರ ತನಿಖೆಗೆ ಆದೇಶಿಸಿದೆ. ಸೇನೆ ಈ ಕುರಿತು ಅಧಿಕೃತ ಹೇಳಿಕೆ ನೀಡಿಲ್ಲ. "ಅಮಾಯಕರ ಅಂತರ ರಾಷ್ಟ್ರೀಯ ಮಟ್ಟದ ತನಿಖೆ ನಡೆಯಬೇಕು" ಎಂದು ಸ್ಥಳೀಯ ನಾಯಕರು ಒತ್ತಾಯಿಸಿದ್ದಾರೆ.
